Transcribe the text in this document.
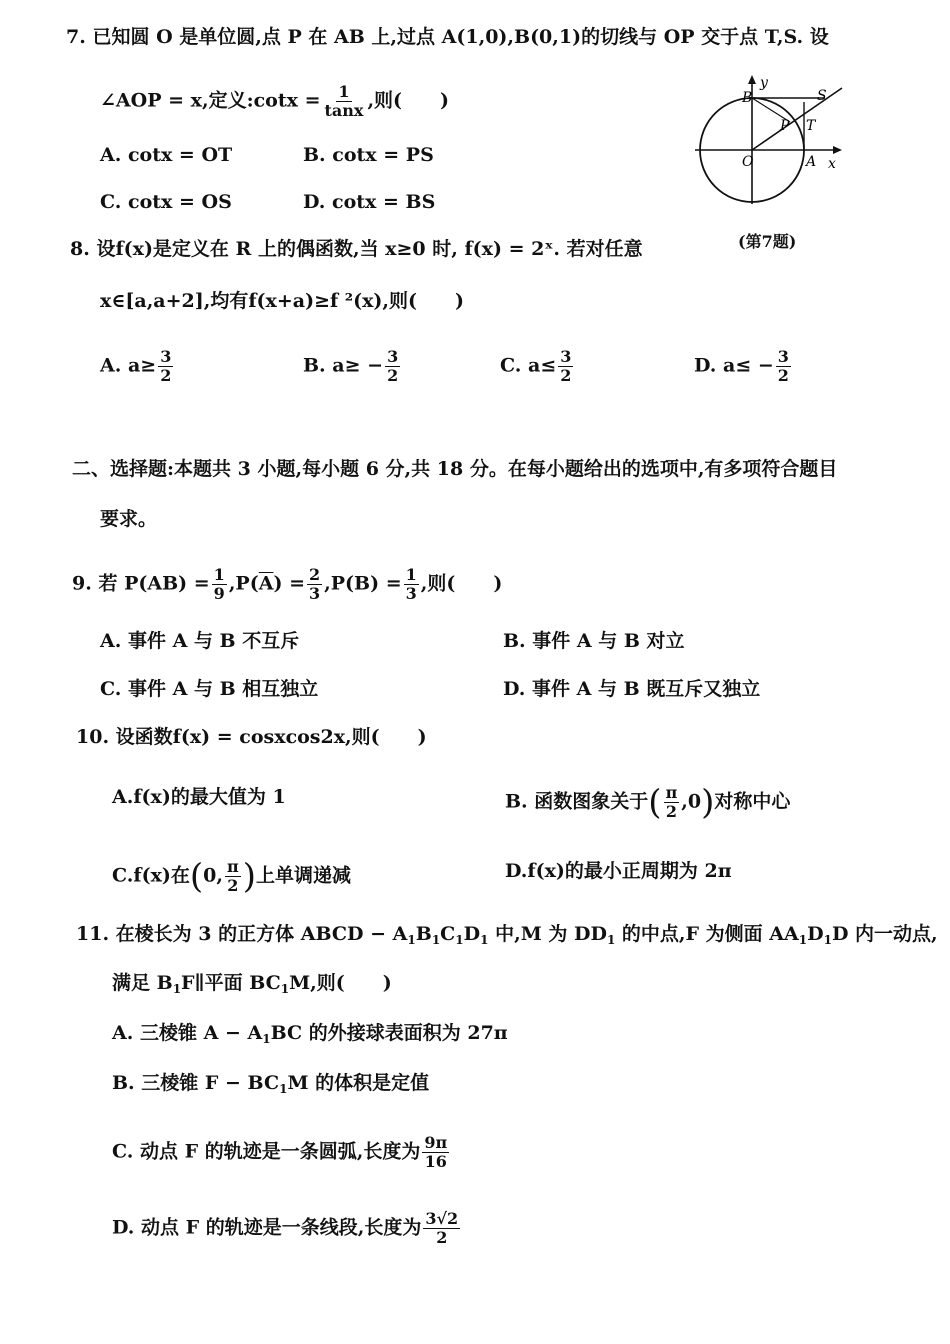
7. 已知圆 O 是单位圆,点 P 在 AB 上,过点 A(1,0),B(0,1)的切线与 OP 交于点 T,S. 设
∠AOP = x,定义:cotx = $\frac{1}{\tan x}$ ,则(　　)
A. cotx = OT	B. cotx = PS
C. cotx = OS	D. cotx = BS
B
y
S
P T
O	A x
(第7题)
8. 设f(x)是定义在 R 上的偶函数,当 x≥0 时, f(x) = 2ˣ. 若对任意
x∈[a,a+2],均有f(x+a)≥f ²(x),则(　　)
A. $a\ge \frac{3}{2}$	B. $a\ge - \frac{3}{2}$	C. $a\le \frac{3}{2}$	D. $a\le - \frac{3}{2}$
二、选择题:本题共 3 小题,每小题 6 分,共 18 分。在每小题给出的选项中,有多项符合题目
要求。
9. 若 $P(AB) = \frac{1}{9} ,P(\overline{A}) = \frac{2}{3} ,P(B) = \frac{1}{3}$ ,则(　　)
A. 事件 A 与 B 不互斥	B. 事件 A 与 B 对立
C. 事件 A 与 B 相互独立	D. 事件 A 与 B 既互斥又独立
10. 设函数f(x) = cosxcos2x,则(　　)
A.f(x)的最大值为 1	B. 函数图象关于( $\frac{\pi}{2} ,0$)对称中心
C.f(x)在(0, $\frac{\pi}{2}$ )上单调递减	D.f(x)的最小正周期为 2π
11. 在棱长为 3 的正方体 ABCD − $A_1B_1C_1D_1$ 中,M 为 $DD_1$ 的中点,F 为侧面 $AA_1D_1D$ 内一动点,
满足 $B_1F\parallel$平面 $BC_1M$,则(　　)
A. 三棱锥 $A - A_1BC$ 的外接球表面积为 27π
B. 三棱锥 $F - BC_1M$ 的体积是定值
C. 动点 F 的轨迹是一条圆弧,长度为 $\frac{9\pi}{16}$
D. 动点 F 的轨迹是一条线段,长度为 $\frac{3√2}{2}$
